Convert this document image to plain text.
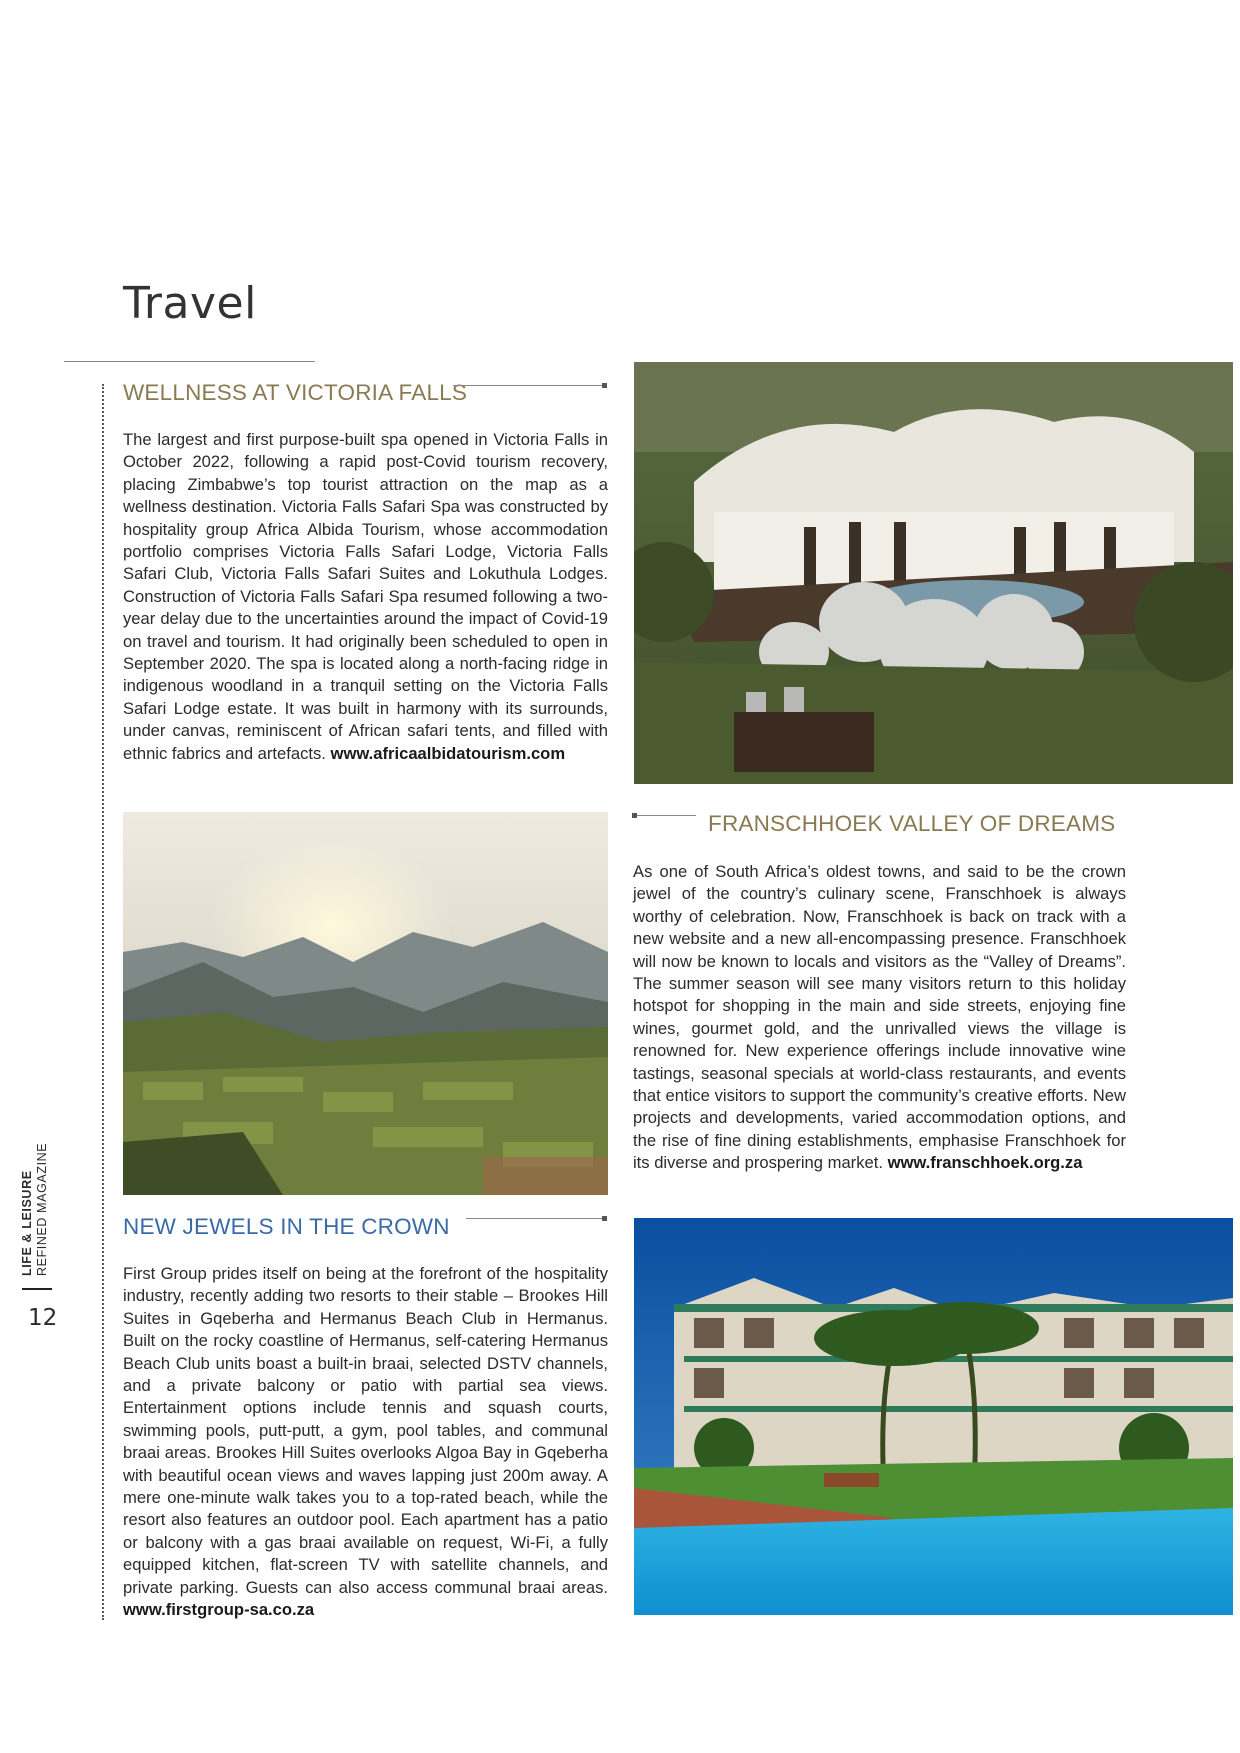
Travel
WELLNESS AT VICTORIA FALLS

The largest and first purpose-built spa opened in Victoria Falls in October 2022, following a rapid post-Covid tourism recovery, placing Zimbabwe’s top tourist attraction on the map as a wellness destination. Victoria Falls Safari Spa was constructed by hospitality group Africa Albida Tourism, whose accommodation portfolio comprises Victoria Falls Safari Lodge, Victoria Falls Safari Club, Victoria Falls Safari Suites and Lokuthula Lodges. Construction of Victoria Falls Safari Spa resumed following a two-year delay due to the uncertainties around the impact of Covid-19 on travel and tourism. It had originally been scheduled to open in September 2020. The spa is located along a north-facing ridge in indigenous woodland in a tranquil setting on the Victoria Falls Safari Lodge estate. It was built in harmony with its surrounds, under canvas, reminiscent of African safari tents, and filled with ethnic fabrics and artefacts. www.africaalbidatourism.com

FRANSCHHOEK VALLEY OF DREAMS

As one of South Africa’s oldest towns, and said to be the crown jewel of the country’s culinary scene, Franschhoek is always worthy of celebration. Now, Franschhoek is back on track with a new website and a new all-encompassing presence. Franschhoek will now be known to locals and visitors as the “Valley of Dreams”. The summer season will see many visitors return to this holiday hotspot for shopping in the main and side streets, enjoying fine wines, gourmet gold, and the unrivalled views the village is renowned for. New experience offerings include innovative wine tastings, seasonal specials at world-class restaurants, and events that entice visitors to support the community’s creative efforts. New projects and developments, varied accommodation options, and the rise of fine dining establishments, emphasise Franschhoek for its diverse and prospering market. www.franschhoek.org.za

NEW JEWELS IN THE CROWN

First Group prides itself on being at the forefront of the hospitality industry, recently adding two resorts to their stable – Brookes Hill Suites in Gqeberha and Hermanus Beach Club in Hermanus. Built on the rocky coastline of Hermanus, self-catering Hermanus Beach Club units boast a built-in braai, selected DSTV channels, and a private balcony or patio with partial sea views. Entertainment options include tennis and squash courts, swimming pools, putt-putt, a gym, pool tables, and communal braai areas. Brookes Hill Suites overlooks Algoa Bay in Gqeberha with beautiful ocean views and waves lapping just 200m away. A mere one-minute walk takes you to a top-rated beach, while the resort also features an outdoor pool. Each apartment has a patio or balcony with a gas braai available on request, Wi-Fi, a fully equipped kitchen, flat-screen TV with satellite channels, and private parking. Guests can also access communal braai areas. www.firstgroup-sa.co.za

LIFE & LEISURE REFINED MAGAZINE
12
